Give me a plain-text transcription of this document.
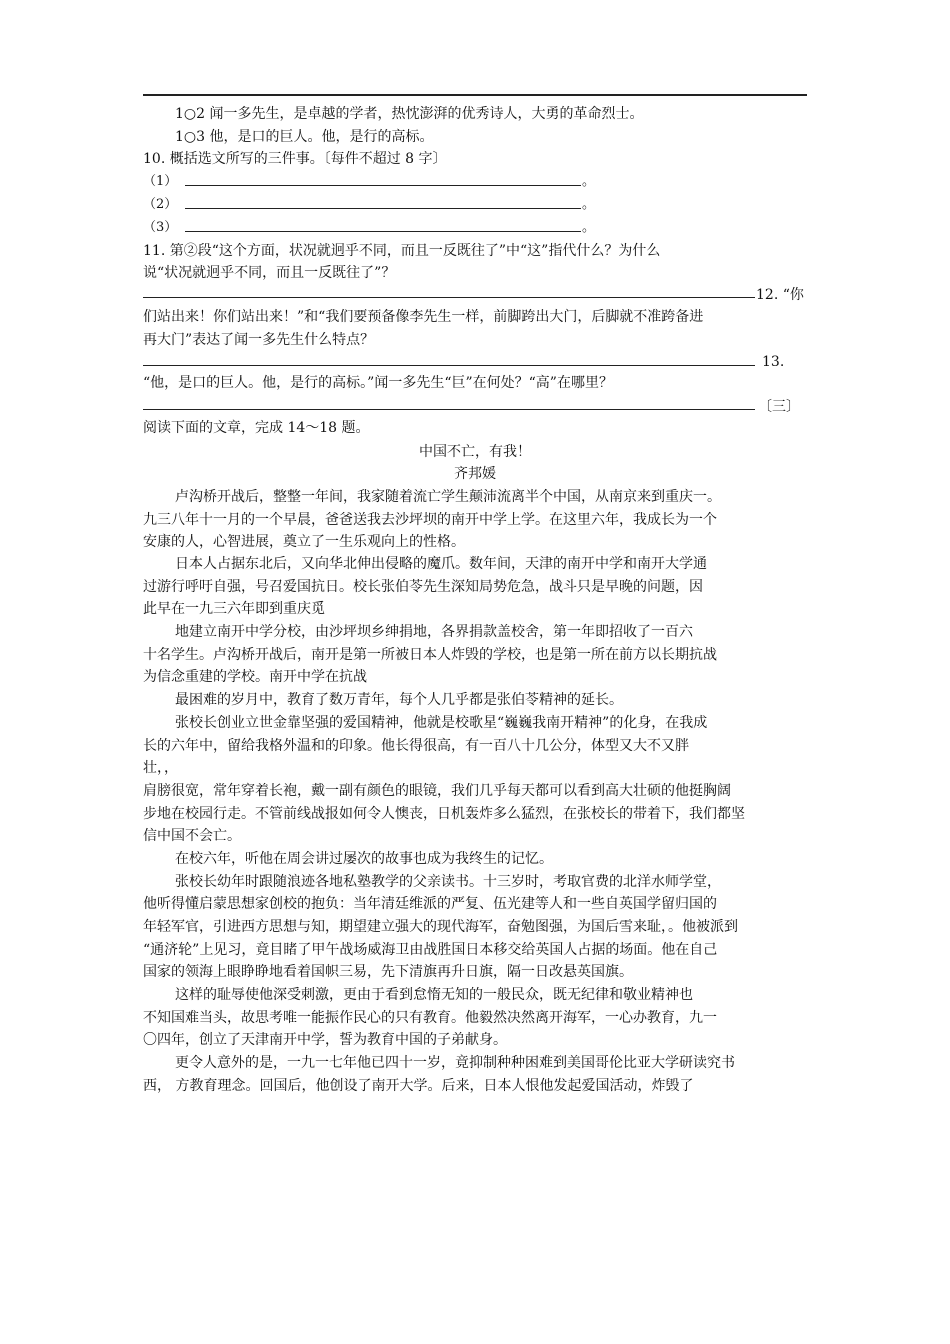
1○2 闻一多先生，是卓越的学者，热忱澎湃的优秀诗人，大勇的革命烈士。
1○3 他，是口的巨人。他，是行的高标。
10. 概括选文所写的三件事。〔每件不超过 8 字〕
（1）	。
（2）	。
（3）	。
11. 第②段“这个方面，状况就迥乎不同，而且一反既往了”中“这”指代什么？为什么
说“状况就迥乎不同，而且一反既往了”？
12. “你
们站出来！你们站出来！”和“我们要预备像李先生一样，前脚跨出大门，后脚就不准跨备进
再大门”表达了闻一多先生什么特点？
13.
“他，是口的巨人。他，是行的高标。”闻一多先生“巨”在何处？“高”在哪里？
〔三〕
阅读下面的文章，完成 14～18 题。
中国不亡，有我！
齐邦媛
卢沟桥开战后，整整一年间，我家随着流亡学生颠沛流离半个中国，从南京来到重庆一。
九三八年十一月的一个早晨，爸爸送我去沙坪坝的南开中学上学。在这里六年，我成长为一个
安康的人，心智进展，奠立了一生乐观向上的性格。
日本人占据东北后，又向华北伸出侵略的魔爪。数年间，天津的南开中学和南开大学通
过游行呼吁自强，号召爱国抗日。校长张伯苓先生深知局势危急，战斗只是早晚的问题，因
此早在一九三六年即到重庆觅
地建立南开中学分校，由沙坪坝乡绅捐地，各界捐款盖校舍，第一年即招收了一百六
十名学生。卢沟桥开战后，南开是第一所被日本人炸毁的学校，也是第一所在前方以长期抗战
为信念重建的学校。南开中学在抗战
最困难的岁月中，教育了数万青年，每个人几乎都是张伯苓精神的延长。
张校长创业立世金靠坚强的爱国精神，他就是校歌星“巍巍我南开精神”的化身，在我成
长的六年中，留给我格外温和的印象。他长得很高，有一百八十几公分，体型又大不又胖
壮，，
肩膀很宽，常年穿着长袍，戴一副有颜色的眼镜，我们几乎每天都可以看到高大壮硕的他挺胸阔
步地在校园行走。不管前线战报如何令人懊丧，日机轰炸多么猛烈，在张校长的带着下，我们都坚
信中国不会亡。
在校六年，听他在周会讲过屡次的故事也成为我终生的记忆。
张校长幼年时跟随浪迹各地私塾教学的父亲读书。十三岁时，考取官费的北洋水师学堂，
他听得懂启蒙思想家创校的抱负：当年清廷维派的严复、伍光建等人和一些自英国学留归国的
年轻军官，引进西方思想与知，期望建立强大的现代海军，奋勉图强，为国后雪来耻，。他被派到
“通济轮”上见习，竟目睹了甲午战场威海卫由战胜国日本移交给英国人占据的场面。他在自己
国家的领海上眼睁睁地看着国帜三易，先下清旗再升日旗，隔一日改悬英国旗。
这样的耻辱使他深受刺激，更由于看到怠惰无知的一般民众，既无纪律和敬业精神也
不知国难当头，故思考唯一能振作民心的只有教育。他毅然决然离开海军，一心办教育，九一
〇四年，创立了天津南开中学，誓为教育中国的子弟献身。
更令人意外的是，一九一七年他已四十一岁，竟抑制种种困难到美国哥伦比亚大学研读究书
西， 方教育理念。回国后，他创设了南开大学。后来，日本人恨他发起爱国活动，炸毁了
